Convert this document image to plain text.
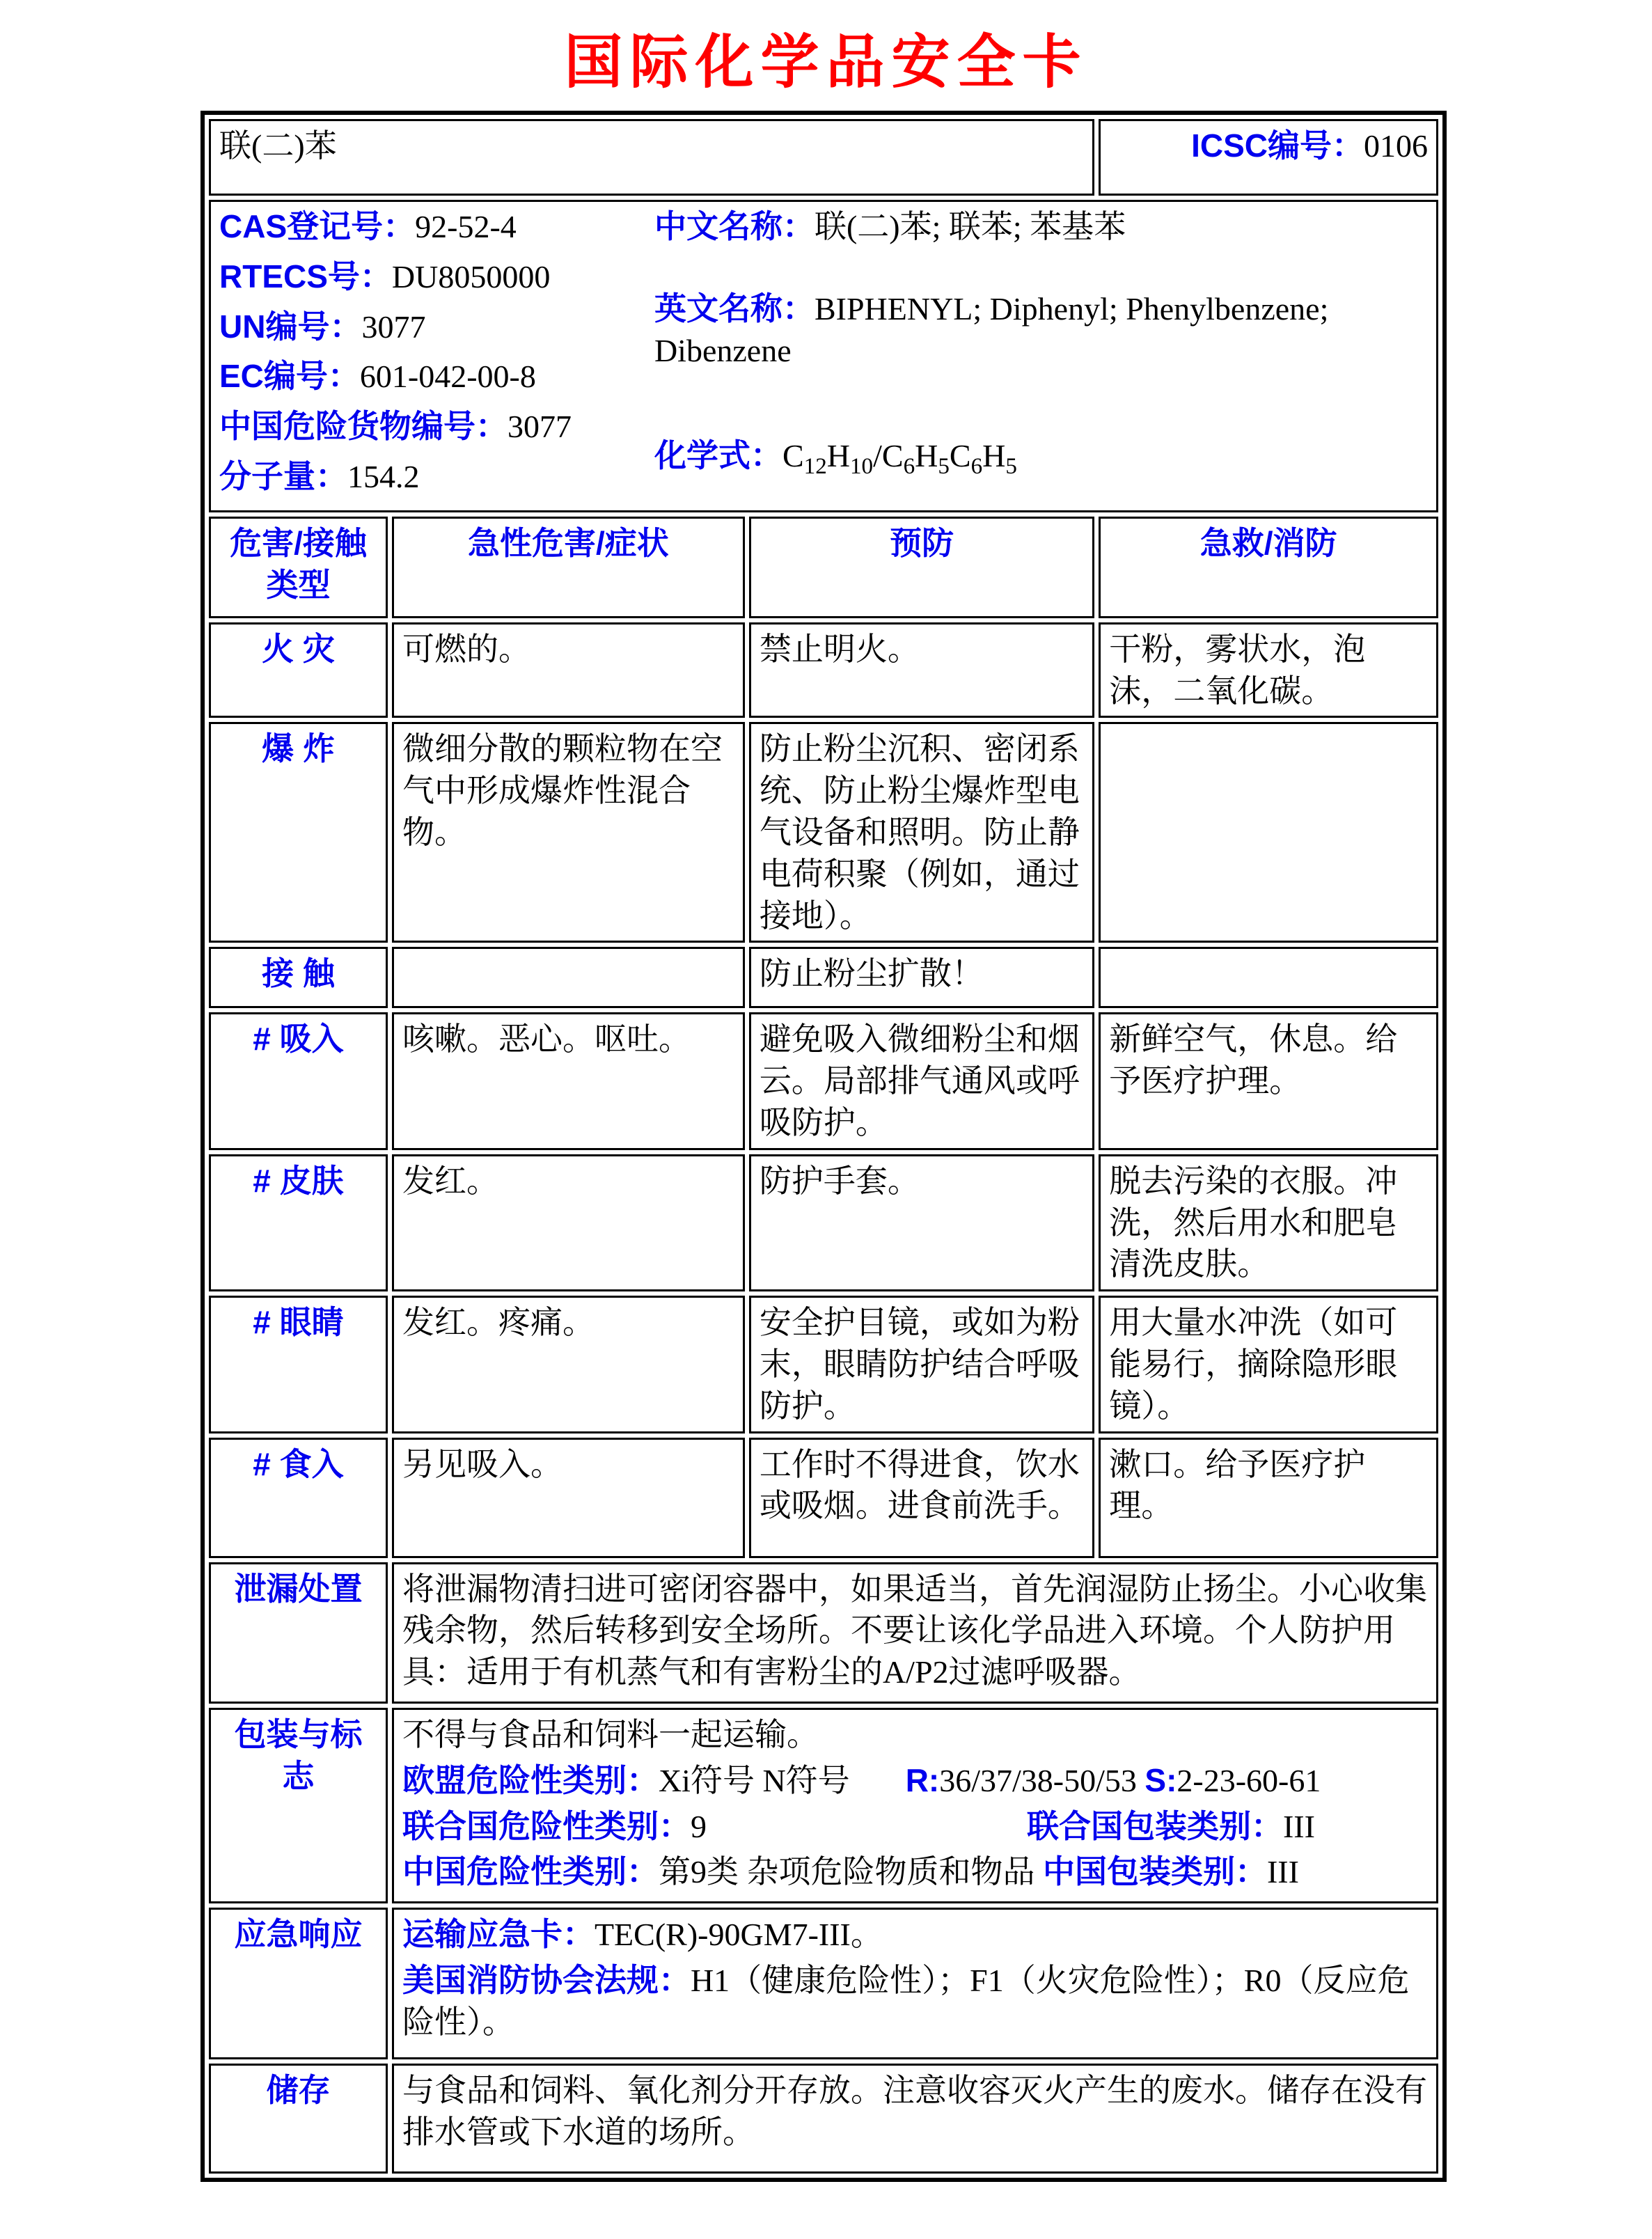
国际化学品安全卡
联(二)苯			ICSC编号：0106

CAS登记号：92-52-4
RTECS号：DU8050000
UN编号：3077
EC编号：601-042-00-8
中国危险货物编号：3077
分子量：154.2
中文名称：联(二)苯; 联苯; 苯基苯
英文名称：BIPHENYL; Diphenyl; Phenylbenzene; Dibenzene
化学式：$C_{12}H_{10}/C_6H_5C_6H_5$

危害/接触 类型	急性危害/症状	预防	急救/消防
火 灾	可燃的。	禁止明火。	干粉，雾状水，泡沫，二氧化碳。
爆 炸	微细分散的颗粒物在空气中形成爆炸性混合物。	防止粉尘沉积、密闭系统、防止粉尘爆炸型电气设备和照明。防止静电荷积聚（例如，通过接地）。	
接 触		防止粉尘扩散！	
# 吸入	咳嗽。恶心。呕吐。	避免吸入微细粉尘和烟云。局部排气通风或呼吸防护。	新鲜空气，休息。给予医疗护理。
# 皮肤	发红。	防护手套。	脱去污染的衣服。冲洗，然后用水和肥皂清洗皮肤。
# 眼睛	发红。疼痛。	安全护目镜，或如为粉末，眼睛防护结合呼吸防护。	用大量水冲洗（如可能易行，摘除隐形眼镜）。
# 食入	另见吸入。	工作时不得进食，饮水或吸烟。进食前洗手。	漱口。给予医疗护理。
泄漏处置	将泄漏物清扫进可密闭容器中，如果适当，首先润湿防止扬尘。小心收集残余物，然后转移到安全场所。不要让该化学品进入环境。个人防护用具：适用于有机蒸气和有害粉尘的A/P2过滤呼吸器。		

包装与标志	不得与食品和饲料一起运输。
欧盟危险性类别：Xi符号 N符号 R:36/37/38-50/53 S:2-23-60-61
联合国危险性类别：9 联合国包装类别：III
中国危险性类别：第9类 杂项危险物质和物品 中国包装类别：III		

应急响应	运输应急卡：TEC(R)-90GM7-III。
美国消防协会法规：H1（健康危险性）；F1（火灾危险性）；R0（反应危险性）。		

储存	与食品和饲料、氧化剂分开存放。注意收容灭火产生的废水。储存在没有排水管或下水道的场所。		
